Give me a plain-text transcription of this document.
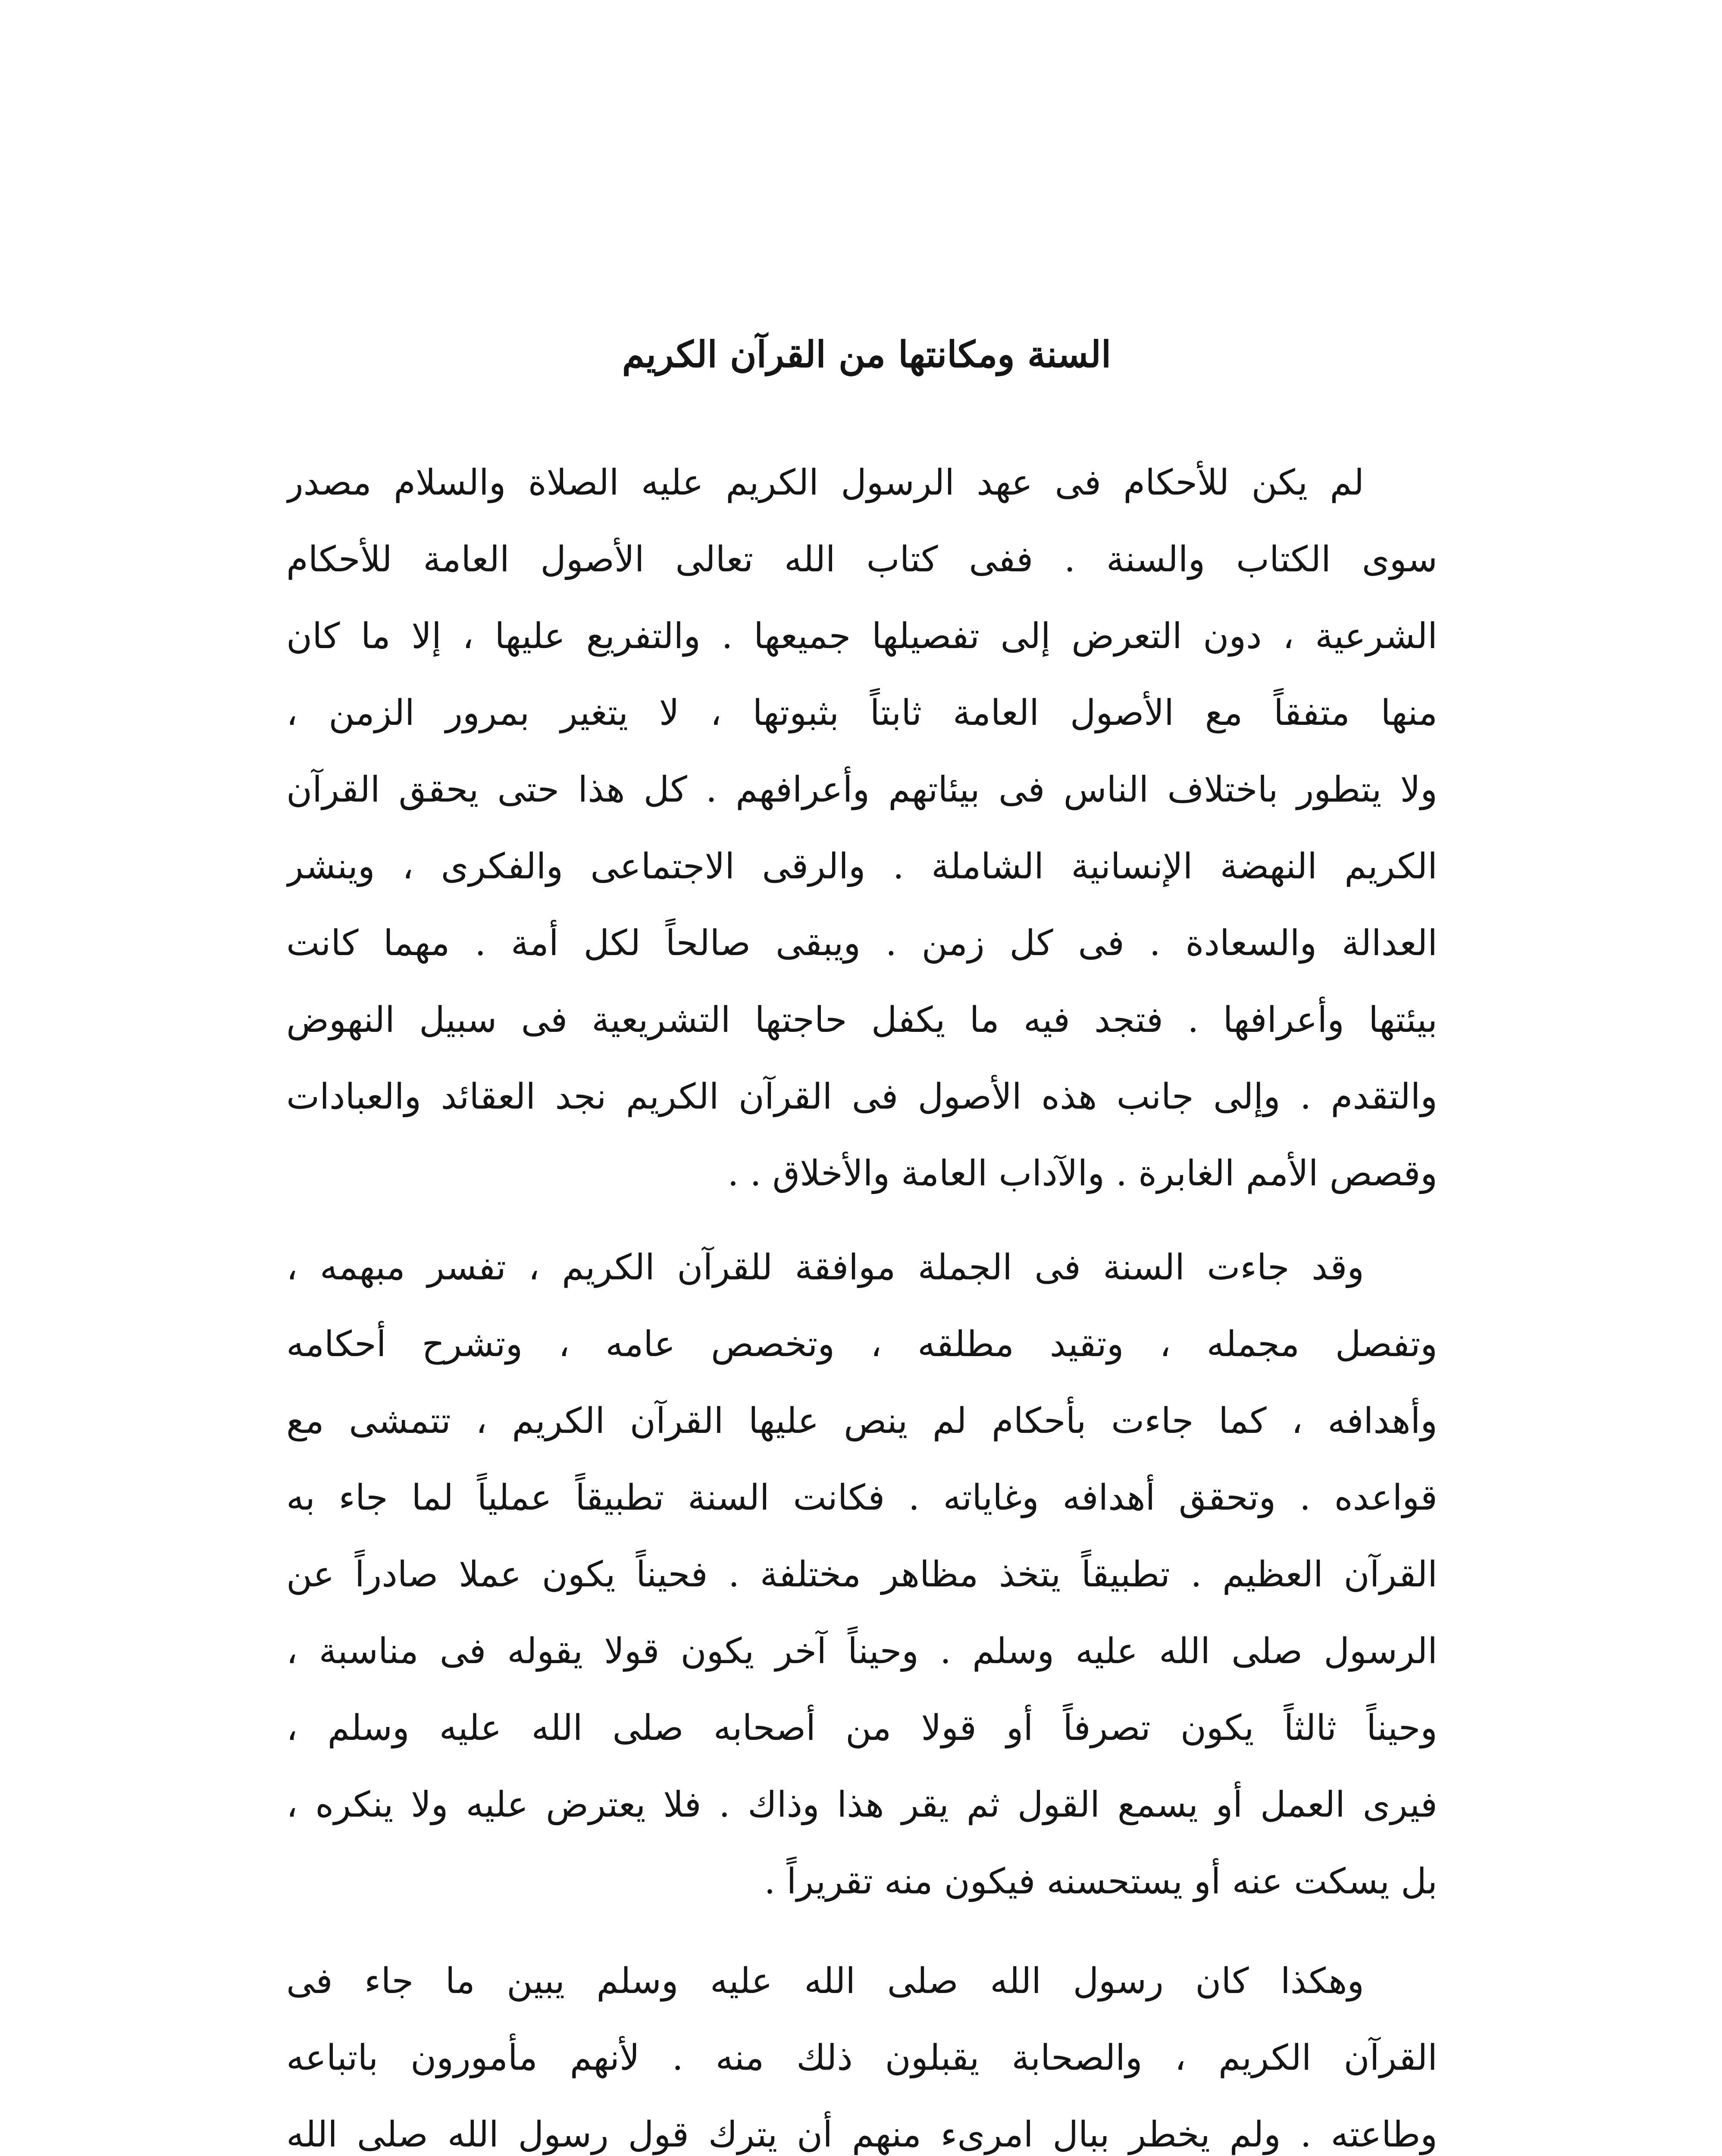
السنة ومكانتها من القرآن الكريم

لم يكن للأحكام فى عهد الرسول الكريم عليه الصلاة والسلام مصدر

سوى الكتاب والسنة . ففى كتاب الله تعالى الأصول العامة للأحكام

الشرعية ، دون التعرض إلى تفصيلها جميعها . والتفريع عليها ، إلا ما كان

منها متفقاً مع الأصول العامة ثابتاً بثبوتها ، لا يتغير بمرور الزمن ،

ولا يتطور باختلاف الناس فى بيئاتهم وأعرافهم . كل هذا حتى يحقق القرآن

الكريم النهضة الإنسانية الشاملة . والرقى الاجتماعى والفكرى ، وينشر

العدالة والسعادة . فى كل زمن . ويبقى صالحاً لكل أمة . مهما كانت

بيئتها وأعرافها . فتجد فيه ما يكفل حاجتها التشريعية فى سبيل النهوض

والتقدم . وإلى جانب هذه الأصول فى القرآن الكريم نجد العقائد والعبادات

وقصص الأمم الغابرة . والآداب العامة والأخلاق . .

وقد جاءت السنة فى الجملة موافقة للقرآن الكريم ، تفسر مبهمه ،

وتفصل مجمله ، وتقيد مطلقه ، وتخصص عامه ، وتشرح أحكامه

وأهدافه ، كما جاءت بأحكام لم ينص عليها القرآن الكريم ، تتمشى مع

قواعده . وتحقق أهدافه وغاياته . فكانت السنة تطبيقاً عملياً لما جاء به

القرآن العظيم . تطبيقاً يتخذ مظاهر مختلفة . فحيناً يكون عملا صادراً عن

الرسول صلى الله عليه وسلم . وحيناً آخر يكون قولا يقوله فى مناسبة ،

وحيناً ثالثاً يكون تصرفاً أو قولا من أصحابه صلى الله عليه وسلم ،

فيرى العمل أو يسمع القول ثم يقر هذا وذاك . فلا يعترض عليه ولا ينكره ،

بل يسكت عنه أو يستحسنه فيكون منه تقريراً .

وهكذا كان رسول الله صلى الله عليه وسلم يبين ما جاء فى

القرآن الكريم ، والصحابة يقبلون ذلك منه . لأنهم مأمورون باتباعه

وطاعته . ولم يخطر ببال امرىء منهم أن يترك قول رسول الله صلى الله
